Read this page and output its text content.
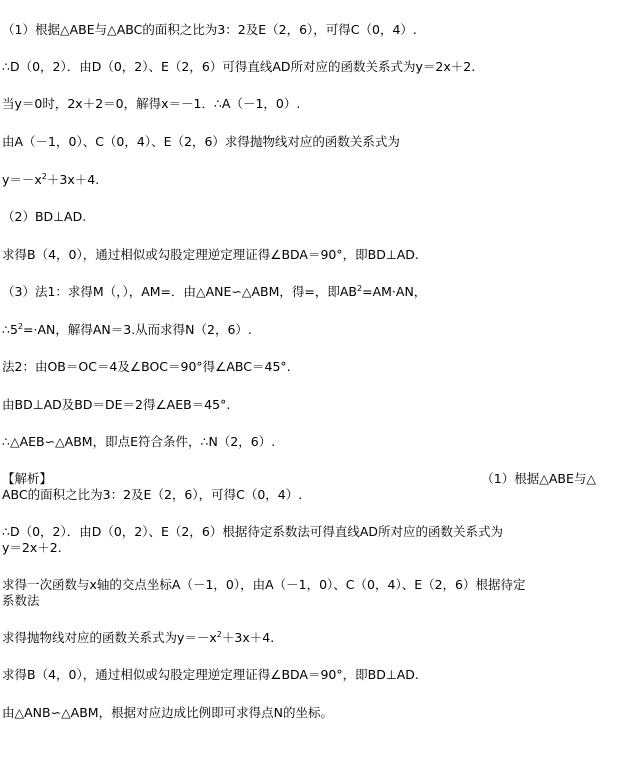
（1）根据△ABE与△ABC的面积之比为3：2及E（2，6），可得C（0，4）.
∴D（0，2）．由D（0，2）、E（2，6）可得直线AD所对应的函数关系式为y＝2x＋2.
当y＝0时，2x＋2＝0，解得x＝－1．∴A（－1，0）.
由A（－1，0）、C（0，4）、E（2，6）求得抛物线对应的函数关系式为
$y=-x^2+3x+4$.
（2）BD⊥AD.
求得B（4，0），通过相似或勾股定理逆定理证得∠BDA＝90°，即BD⊥AD.
（3）法1：求得M（，），AM=．由△ANE∽△ABM，得=，即$AB^2=AM\cdot AN$，
$\therefore 5^2=\cdot AN$，解得AN＝3.从而求得N（2，6）.
法2：由OB＝OC＝4及∠BOC＝90°得∠ABC＝45°.
由BD⊥AD及BD＝DE＝2得∠AEB＝45°.
∴△AEB∽△ABM，即点E符合条件，∴N（2，6）.
【解析】	（1）根据△ABE与△
ABC的面积之比为3：2及E（2，6），可得C（0，4）.
∴D（0，2）．由D（0，2）、E（2，6）根据待定系数法可得直线AD所对应的函数关系式为
y＝2x＋2.
求得一次函数与x轴的交点坐标A（－1，0），由A（－1，0）、C（0，4）、E（2，6）根据待定
系数法
求得抛物线对应的函数关系式为$y=-x^2+3x+4$.
求得B（4，0），通过相似或勾股定理逆定理证得∠BDA＝90°，即BD⊥AD.
由△ANB∽△ABM，根据对应边成比例即可求得点N的坐标。
